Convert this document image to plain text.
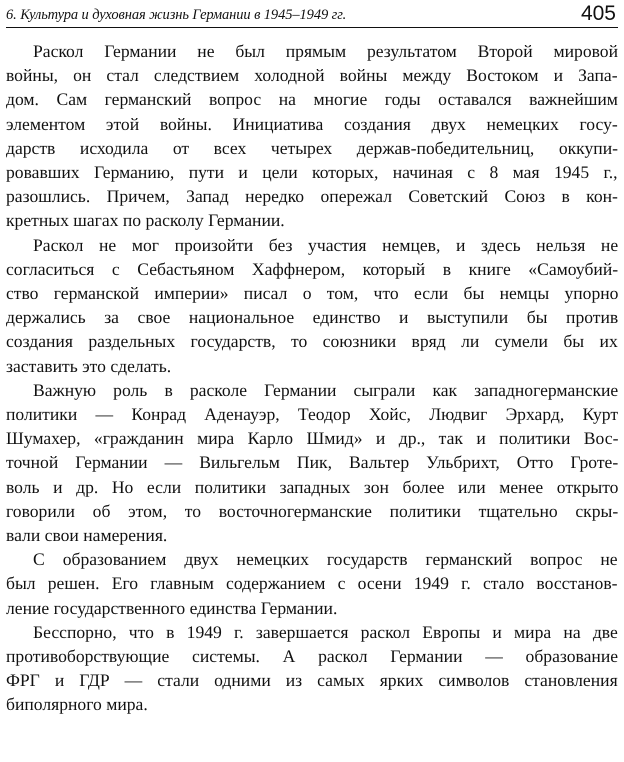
6. Культура и духовная жизнь Германии в 1945–1949 гг.	405
Раскол Германии не был прямым результатом Второй мировой
войны, он стал следствием холодной войны между Востоком и Запа-
дом. Сам германский вопрос на многие годы оставался важнейшим
элементом этой войны. Инициатива создания двух немецких госу-
дарств исходила от всех четырех держав-победительниц, оккупи-
ровавших Германию, пути и цели которых, начиная с 8 мая 1945 г.,
разошлись. Причем, Запад нередко опережал Советский Союз в кон-
кретных шагах по расколу Германии.
Раскол не мог произойти без участия немцев, и здесь нельзя не
согласиться с Себастьяном Хаффнером, который в книге «Самоубий-
ство германской империи» писал о том, что если бы немцы упорно
держались за свое национальное единство и выступили бы против
создания раздельных государств, то союзники вряд ли сумели бы их
заставить это сделать.
Важную роль в расколе Германии сыграли как западногерманские
политики — Конрад Аденауэр, Теодор Хойс, Людвиг Эрхард, Курт
Шумахер, «гражданин мира Карло Шмид» и др., так и политики Вос-
точной Германии — Вильгельм Пик, Вальтер Ульбрихт, Отто Гроте-
воль и др. Но если политики западных зон более или менее открыто
говорили об этом, то восточногерманские политики тщательно скры-
вали свои намерения.
С образованием двух немецких государств германский вопрос не
был решен. Его главным содержанием с осени 1949 г. стало восстанов-
ление государственного единства Германии.
Бесспорно, что в 1949 г. завершается раскол Европы и мира на две
противоборствующие системы. А раскол Германии — образование
ФРГ и ГДР — стали одними из самых ярких символов становления
биполярного мира.
